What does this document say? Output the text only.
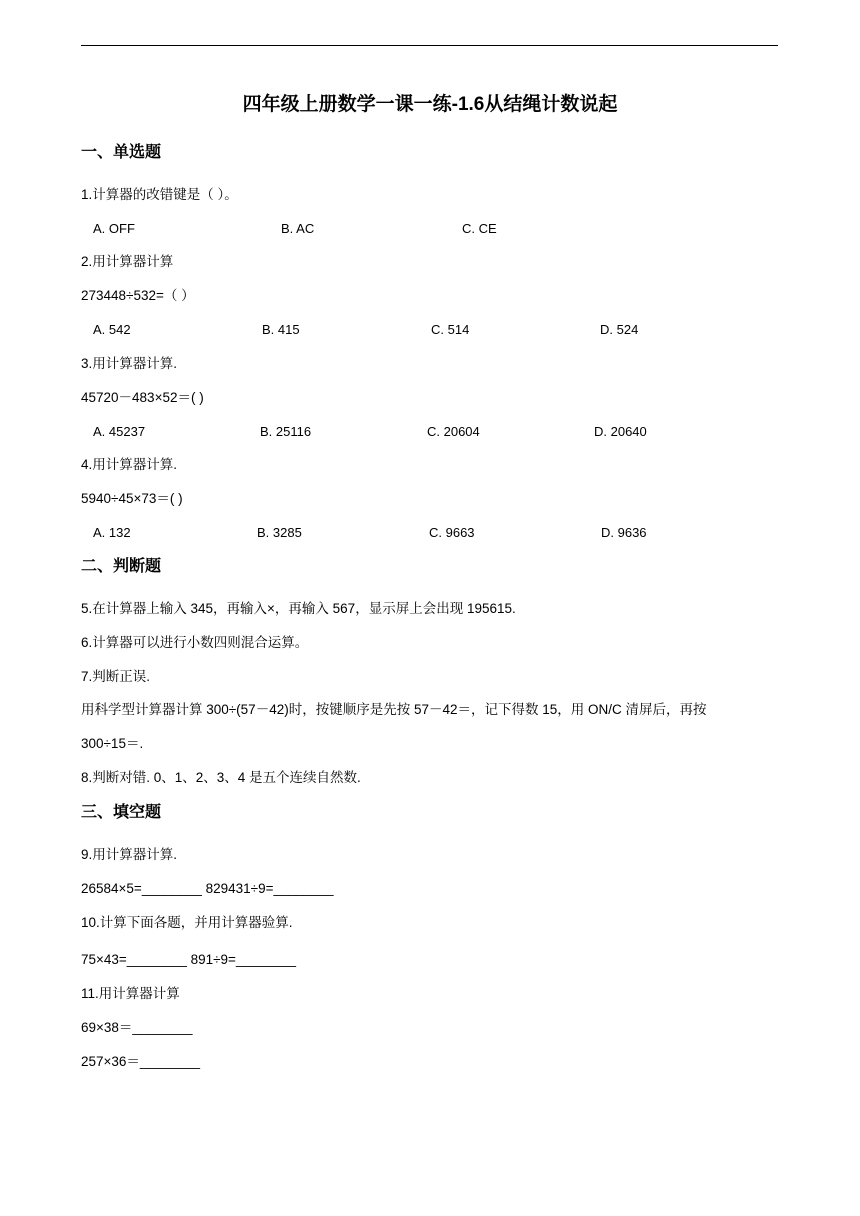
四年级上册数学一课一练-1.6从结绳计数说起
一、单选题
1.计算器的改错键是（ ）。
A. OFF	B. AC	C. CE
2.用计算器计算
273448÷532=（ ）
A. 542	B. 415	C. 514	D. 524
3.用计算器计算.
45720－483×52＝( )
A. 45237	B. 25116	C. 20604	D. 20640
4.用计算器计算.
5940÷45×73＝( )
A. 132	B. 3285	C. 9663	D. 9636
二、判断题
5.在计算器上输入 345，再输入×，再输入 567，显示屏上会出现 195615.
6.计算器可以进行小数四则混合运算。
7.判断正误.
用科学型计算器计算 300÷(57－42)时，按键顺序是先按 57－42＝，记下得数 15，用 ON/C 清屏后，再按
300÷15＝.
8.判断对错. 0、1、2、3、4 是五个连续自然数.
三、填空题
9.用计算器计算.
26584×5=________ 829431÷9=________
10.计算下面各题，并用计算器验算.
75×43=________ 891÷9=________
11.用计算器计算
69×38＝________
257×36＝________
